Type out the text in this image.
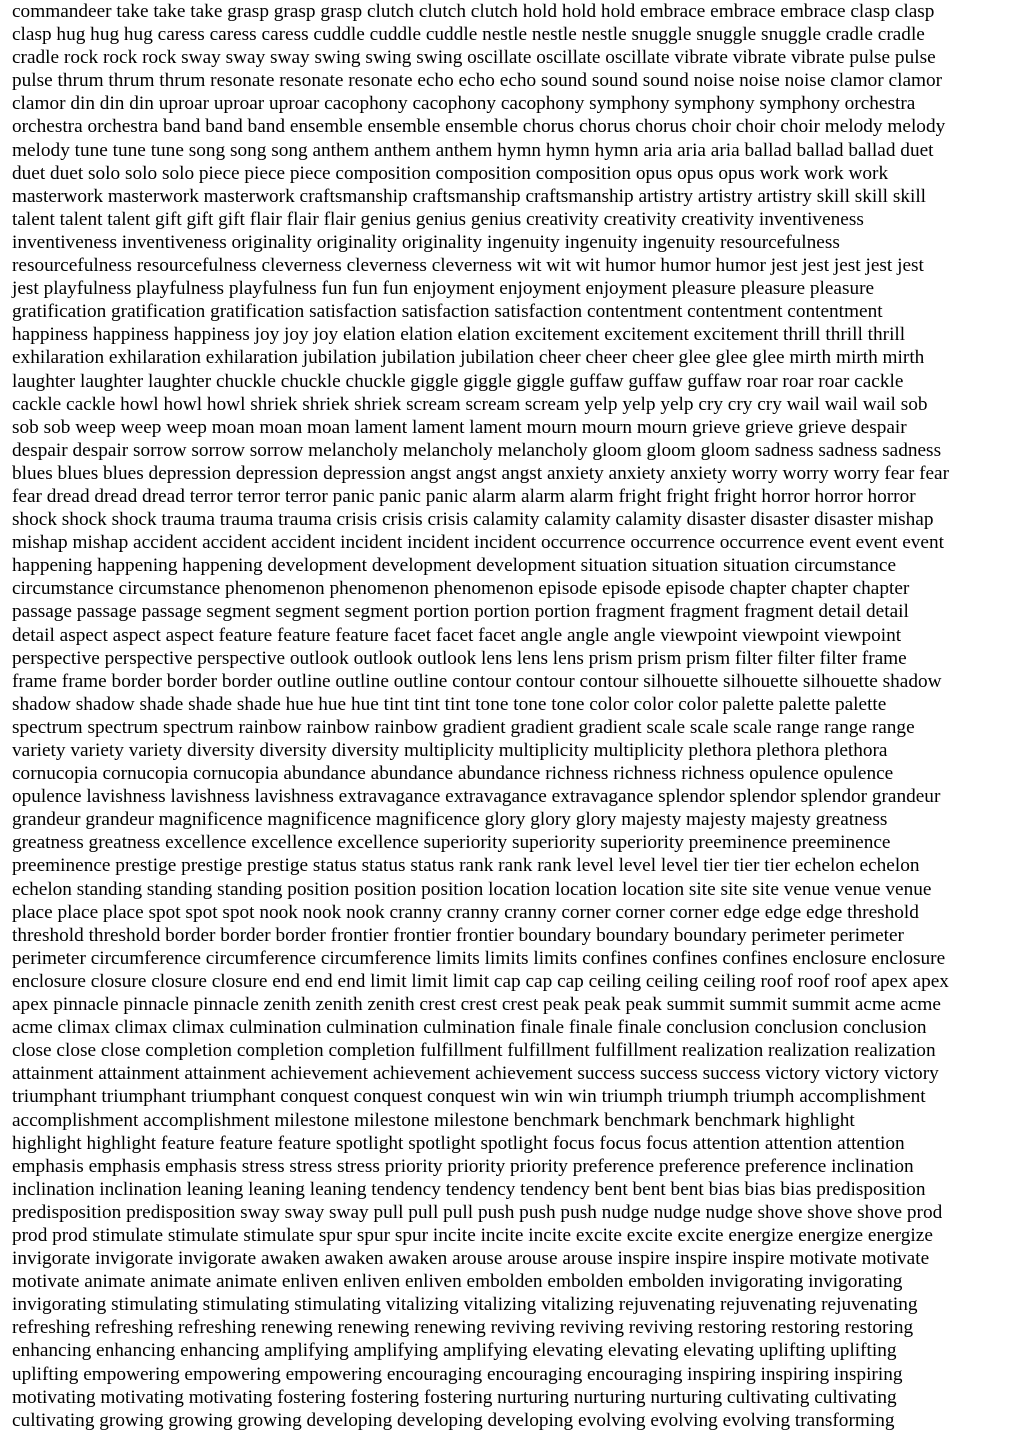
commandeer take take take grasp grasp grasp clutch clutch clutch hold hold hold embrace embrace embrace clasp clasp
clasp hug hug hug caress caress caress cuddle cuddle cuddle nestle nestle nestle snuggle snuggle snuggle cradle cradle
cradle rock rock rock sway sway sway swing swing swing oscillate oscillate oscillate vibrate vibrate vibrate pulse pulse
pulse thrum thrum thrum resonate resonate resonate echo echo echo sound sound sound noise noise noise clamor clamor
clamor din din din uproar uproar uproar cacophony cacophony cacophony symphony symphony symphony orchestra
orchestra orchestra band band band ensemble ensemble ensemble chorus chorus chorus choir choir choir melody melody
melody tune tune tune song song song anthem anthem anthem hymn hymn hymn aria aria aria ballad ballad ballad duet
duet duet solo solo solo piece piece piece composition composition composition opus opus opus work work work
masterwork masterwork masterwork craftsmanship craftsmanship craftsmanship artistry artistry artistry skill skill skill
talent talent talent gift gift gift flair flair flair genius genius genius creativity creativity creativity inventiveness
inventiveness inventiveness originality originality originality ingenuity ingenuity ingenuity resourcefulness
resourcefulness resourcefulness cleverness cleverness cleverness wit wit wit humor humor humor jest jest jest jest jest
jest playfulness playfulness playfulness fun fun fun enjoyment enjoyment enjoyment pleasure pleasure pleasure
gratification gratification gratification satisfaction satisfaction satisfaction contentment contentment contentment
happiness happiness happiness joy joy joy elation elation elation excitement excitement excitement thrill thrill thrill
exhilaration exhilaration exhilaration jubilation jubilation jubilation cheer cheer cheer glee glee glee mirth mirth mirth
laughter laughter laughter chuckle chuckle chuckle giggle giggle giggle guffaw guffaw guffaw roar roar roar cackle
cackle cackle howl howl howl shriek shriek shriek scream scream scream yelp yelp yelp cry cry cry wail wail wail sob
sob sob weep weep weep moan moan moan lament lament lament mourn mourn mourn grieve grieve grieve despair
despair despair sorrow sorrow sorrow melancholy melancholy melancholy gloom gloom gloom sadness sadness sadness
blues blues blues depression depression depression angst angst angst anxiety anxiety anxiety worry worry worry fear fear
fear dread dread dread terror terror terror panic panic panic alarm alarm alarm fright fright fright horror horror horror
shock shock shock trauma trauma trauma crisis crisis crisis calamity calamity calamity disaster disaster disaster mishap
mishap mishap accident accident accident incident incident incident occurrence occurrence occurrence event event event
happening happening happening development development development situation situation situation circumstance
circumstance circumstance phenomenon phenomenon phenomenon episode episode episode chapter chapter chapter
passage passage passage segment segment segment portion portion portion fragment fragment fragment detail detail
detail aspect aspect aspect feature feature feature facet facet facet angle angle angle viewpoint viewpoint viewpoint
perspective perspective perspective outlook outlook outlook lens lens lens prism prism prism filter filter filter frame
frame frame border border border outline outline outline contour contour contour silhouette silhouette silhouette shadow
shadow shadow shade shade shade hue hue hue tint tint tint tone tone tone color color color palette palette palette
spectrum spectrum spectrum rainbow rainbow rainbow gradient gradient gradient scale scale scale range range range
variety variety variety diversity diversity diversity multiplicity multiplicity multiplicity plethora plethora plethora
cornucopia cornucopia cornucopia abundance abundance abundance richness richness richness opulence opulence
opulence lavishness lavishness lavishness extravagance extravagance extravagance splendor splendor splendor grandeur
grandeur grandeur magnificence magnificence magnificence glory glory glory majesty majesty majesty greatness
greatness greatness excellence excellence excellence superiority superiority superiority preeminence preeminence
preeminence prestige prestige prestige status status status rank rank rank level level level tier tier tier echelon echelon
echelon standing standing standing position position position location location location site site site venue venue venue
place place place spot spot spot nook nook nook cranny cranny cranny corner corner corner edge edge edge threshold
threshold threshold border border border frontier frontier frontier boundary boundary boundary perimeter perimeter
perimeter circumference circumference circumference limits limits limits confines confines confines enclosure enclosure
enclosure closure closure closure end end end limit limit limit cap cap cap ceiling ceiling ceiling roof roof roof apex apex
apex pinnacle pinnacle pinnacle zenith zenith zenith crest crest crest peak peak peak summit summit summit acme acme
acme climax climax climax culmination culmination culmination finale finale finale conclusion conclusion conclusion
close close close completion completion completion fulfillment fulfillment fulfillment realization realization realization
attainment attainment attainment achievement achievement achievement success success success victory victory victory
triumphant triumphant triumphant conquest conquest conquest win win win triumph triumph triumph accomplishment
accomplishment accomplishment milestone milestone milestone benchmark benchmark benchmark highlight
highlight highlight feature feature feature spotlight spotlight spotlight focus focus focus attention attention attention
emphasis emphasis emphasis stress stress stress priority priority priority preference preference preference inclination
inclination inclination leaning leaning leaning tendency tendency tendency bent bent bent bias bias bias predisposition
predisposition predisposition sway sway sway pull pull pull push push push nudge nudge nudge shove shove shove prod
prod prod stimulate stimulate stimulate spur spur spur incite incite incite excite excite excite energize energize energize
invigorate invigorate invigorate awaken awaken awaken arouse arouse arouse inspire inspire inspire motivate motivate
motivate animate animate animate enliven enliven enliven embolden embolden embolden invigorating invigorating
invigorating stimulating stimulating stimulating vitalizing vitalizing vitalizing rejuvenating rejuvenating rejuvenating
refreshing refreshing refreshing renewing renewing renewing reviving reviving reviving restoring restoring restoring
enhancing enhancing enhancing amplifying amplifying amplifying elevating elevating elevating uplifting uplifting
uplifting empowering empowering empowering encouraging encouraging encouraging inspiring inspiring inspiring
motivating motivating motivating fostering fostering fostering nurturing nurturing nurturing cultivating cultivating
cultivating growing growing growing developing developing developing evolving evolving evolving transforming
